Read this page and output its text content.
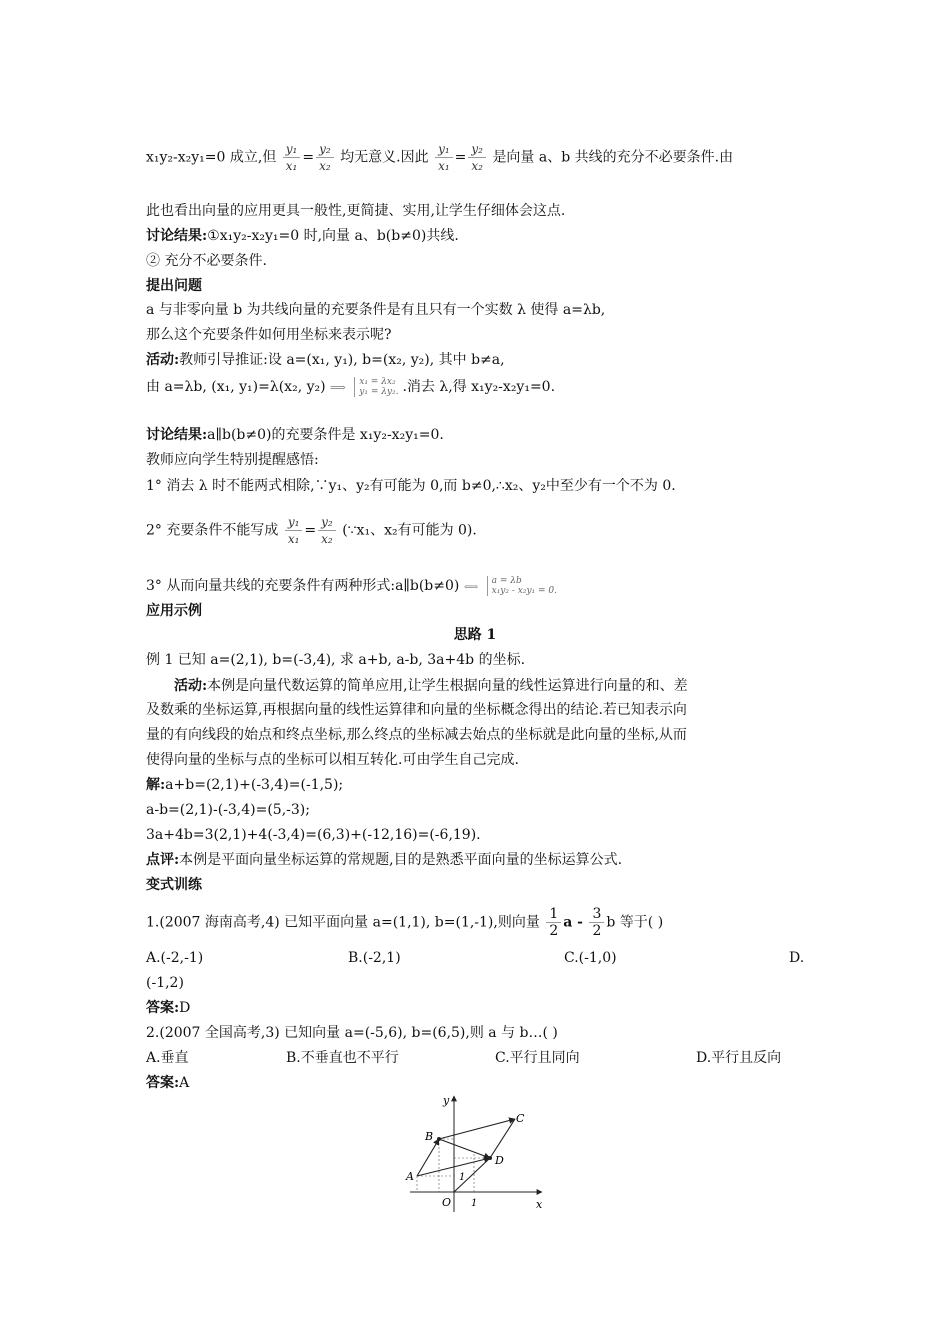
x₁y₂-x₂y₁=0 成立,但 $\frac{\text{y₁}}{\text{x₁}} = \frac{\text{y₂}}{\text{x₂}}$ 均无意义.因此 $\frac{\text{y₁}}{\text{x₁}} = \frac{\text{y₂}}{\text{x₂}}$ 是向量 a、b 共线的充分不必要条件.由
此也看出向量的应用更具一般性,更简捷、实用,让学生仔细体会这点.
讨论结果:①x₁y₂-x₂y₁=0 时,向量 a、b(b≠0)共线.
② 充分不必要条件.
提出问题
a 与非零向量 b 为共线向量的充要条件是有且只有一个实数 λ 使得 a=λb,
那么这个充要条件如何用坐标来表示呢?
活动:教师引导推证:设 a=(x₁, y₁), b=(x₂, y₂), 其中 b≠a,
由 a=λb, (x₁, y₁)=λ(x₂, y₂) ⟹ x₁ = λx₂
y₁ = λy₂. .消去 λ,得 x₁y₂-x₂y₁=0.
讨论结果:a∥b(b≠0)的充要条件是 x₁y₂-x₂y₁=0.
教师应向学生特别提醒感悟:
1° 消去 λ 时不能两式相除,∵y₁、y₂有可能为 0,而 b≠0,∴x₂、y₂中至少有一个不为 0.
2° 充要条件不能写成 $\frac{\text{y₁}}{\text{x₁}} = \frac{\text{y₂}}{\text{x₂}}$ (∵x₁、x₂有可能为 0).
3° 从而向量共线的充要条件有两种形式:a∥b(b≠0) ⟺
a = λb
x₁y₂ - x₂y₁ = 0.
应用示例
思路 1
例 1 已知 a=(2,1), b=(-3,4), 求 a+b, a-b, 3a+4b 的坐标.
活动:本例是向量代数运算的简单应用,让学生根据向量的线性运算进行向量的和、差
及数乘的坐标运算,再根据向量的线性运算律和向量的坐标概念得出的结论.若已知表示向
量的有向线段的始点和终点坐标,那么终点的坐标减去始点的坐标就是此向量的坐标,从而
使得向量的坐标与点的坐标可以相互转化.可由学生自己完成.
解:a+b=(2,1)+(-3,4)=(-1,5);
a-b=(2,1)-(-3,4)=(5,-3);
3a+4b=3(2,1)+4(-3,4)=(6,3)+(-12,16)=(-6,19).
点评:本例是平面向量坐标运算的常规题,目的是熟悉平面向量的坐标运算公式.
变式训练
1.(2007 海南高考,4) 已知平面向量 a=(1,1), b=(1,-1),则向量 $\frac{1}{2}$ a - $\frac{3}{2}$ b 等于( )
A.(-2,-1)	B.(-2,1)	C.(-1,0)	D.
(-1,2)
答案:D
2.(2007 全国高考,3) 已知向量 a=(-5,6), b=(6,5),则 a 与 b…( )
A.垂直	B.不垂直也不平行	C.平行且同向	D.平行且反向
答案:A
y
x
O
A
B
C
D
1
1
